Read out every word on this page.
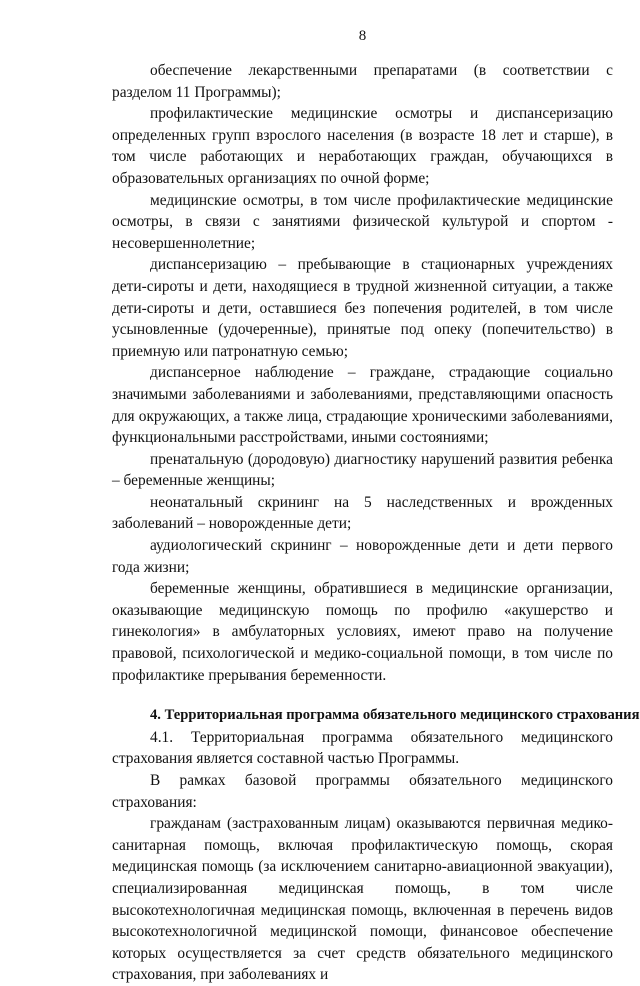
8

обеспечение лекарственными препаратами (в соответствии с разделом 11 Программы);

профилактические медицинские осмотры и диспансеризацию определенных групп взрослого населения (в возрасте 18 лет и старше), в том числе работающих и неработающих граждан, обучающихся в образовательных организациях по очной форме;

медицинские осмотры, в том числе профилактические медицинские осмотры, в связи с занятиями физической культурой и спортом - несовершеннолетние;

диспансеризацию – пребывающие в стационарных учреждениях дети-сироты и дети, находящиеся в трудной жизненной ситуации, а также дети-сироты и дети, оставшиеся без попечения родителей, в том числе усыновленные (удочеренные), принятые под опеку (попечительство) в приемную или патронатную семью;

диспансерное наблюдение – граждане, страдающие социально значимыми заболеваниями и заболеваниями, представляющими опасность для окружающих, а также лица, страдающие хроническими заболеваниями, функциональными расстройствами, иными состояниями;

пренатальную (дородовую) диагностику нарушений развития ребенка – беременные женщины;

неонатальный скрининг на 5 наследственных и врожденных заболеваний – новорожденные дети;

аудиологический скрининг – новорожденные дети и дети первого года жизни;

беременные женщины, обратившиеся в медицинские организации, оказывающие медицинскую помощь по профилю «акушерство и гинекология» в амбулаторных условиях, имеют право на получение правовой, психологической и медико-социальной помощи, в том числе по профилактике прерывания беременности.

4. Территориальная программа обязательного медицинского страхования

4.1. Территориальная программа обязательного медицинского страхования является составной частью Программы.

В рамках базовой программы обязательного медицинского страхования:

гражданам (застрахованным лицам) оказываются первичная медико-санитарная помощь, включая профилактическую помощь, скорая медицинская помощь (за исключением санитарно-авиационной эвакуации), специализированная медицинская помощь, в том числе высокотехнологичная медицинская помощь, включенная в перечень видов высокотехнологичной медицинской помощи, финансовое обеспечение которых осуществляется за счет средств обязательного медицинского страхования, при заболеваниях и
